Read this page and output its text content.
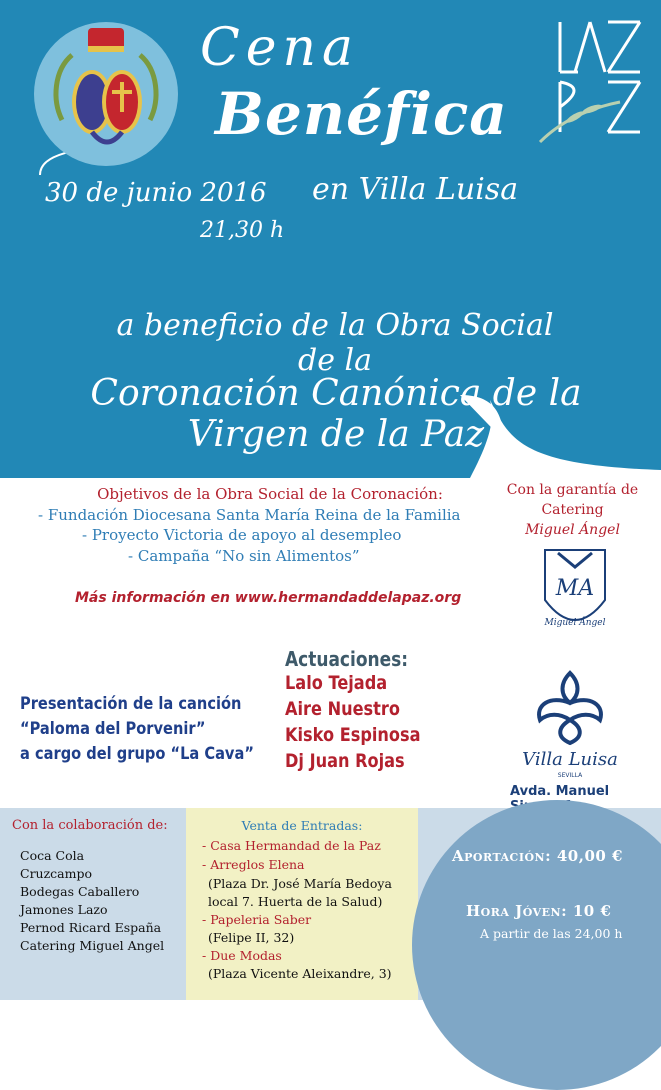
Cena
Benéfica
30 de junio 2016 en Villa Luisa
21,30 h
a beneficio de la Obra Social de la
Coronación Canónica de la Virgen de la Paz
Objetivos de la Obra Social de la Coronación:
- Fundación Diocesana Santa María Reina de la Familia
- Proyecto Victoria de apoyo al desempleo
- Campaña “No sin Alimentos”
Más información en www.hermandaddelapaz.org
Con la garantía de
Catering
Miguel Ángel
MA
Miguel Ángel
Villa Luisa
SEVILLA
Avda. Manuel
Actuaciones:
Lalo Tejada
Aire Nuestro
Kisko Espinosa
Dj Juan Rojas
Presentación de la canción
“Paloma del Porvenir”
a cargo del grupo “La Cava”
Con la colaboración de:
Coca Cola
Cruzcampo
Bodegas Caballero
Jamones Lazo
Pernod Ricard España
Catering Miguel Angel
Venta de Entradas:
- Casa Hermandad de la Paz
- Arreglos Elena
(Plaza Dr. José María Bedoya
local 7. Huerta de la Salud)
- Papeleria Saber
(Felipe II, 32)
- Due Modas
(Plaza Vicente Aleixandre, 3)
Aportación: 40,00 €
Hora Jóven: 10 €
A partir de las 24,00 h
